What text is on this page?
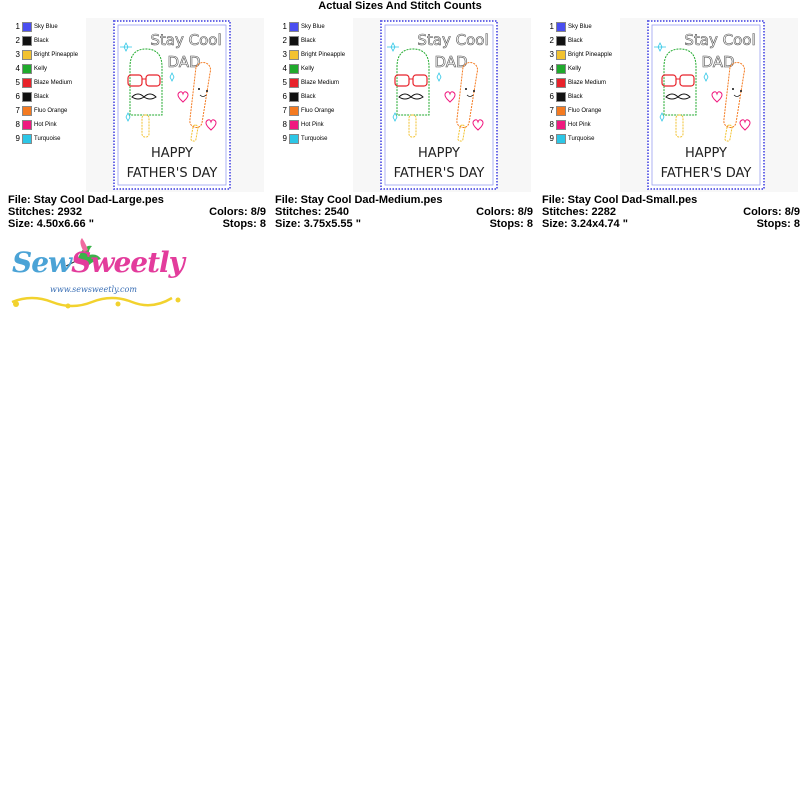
Actual Sizes And Stitch Counts
1 Sky Blue
2 Black
3 Bright Pineapple
4 Kelly
5 Blaze Medium
6 Black
7 Fluo Orange
8 Hot Pink
9 Turquoise
Stay Cool
DAD
HAPPY
FATHER'S DAY
File: Stay Cool Dad-Large.pes
Stitches: 2932	Colors: 8/9
Size: 4.50x6.66 "	Stops: 8
1 Sky Blue
2 Black
3 Bright Pineapple
4 Kelly
5 Blaze Medium
6 Black
7 Fluo Orange
8 Hot Pink
9 Turquoise
Stay Cool
DAD
HAPPY
FATHER'S DAY
File: Stay Cool Dad-Medium.pes
Stitches: 2540	Colors: 8/9
Size: 3.75x5.55 "	Stops: 8
1 Sky Blue
2 Black
3 Bright Pineapple
4 Kelly
5 Blaze Medium
6 Black
7 Fluo Orange
8 Hot Pink
9 Turquoise
Stay Cool
DAD
HAPPY
FATHER'S DAY
File: Stay Cool Dad-Small.pes
Stitches: 2282	Colors: 8/9
Size: 3.24x4.74 "	Stops: 8
SewSweetly
www.sewsweetly.com
